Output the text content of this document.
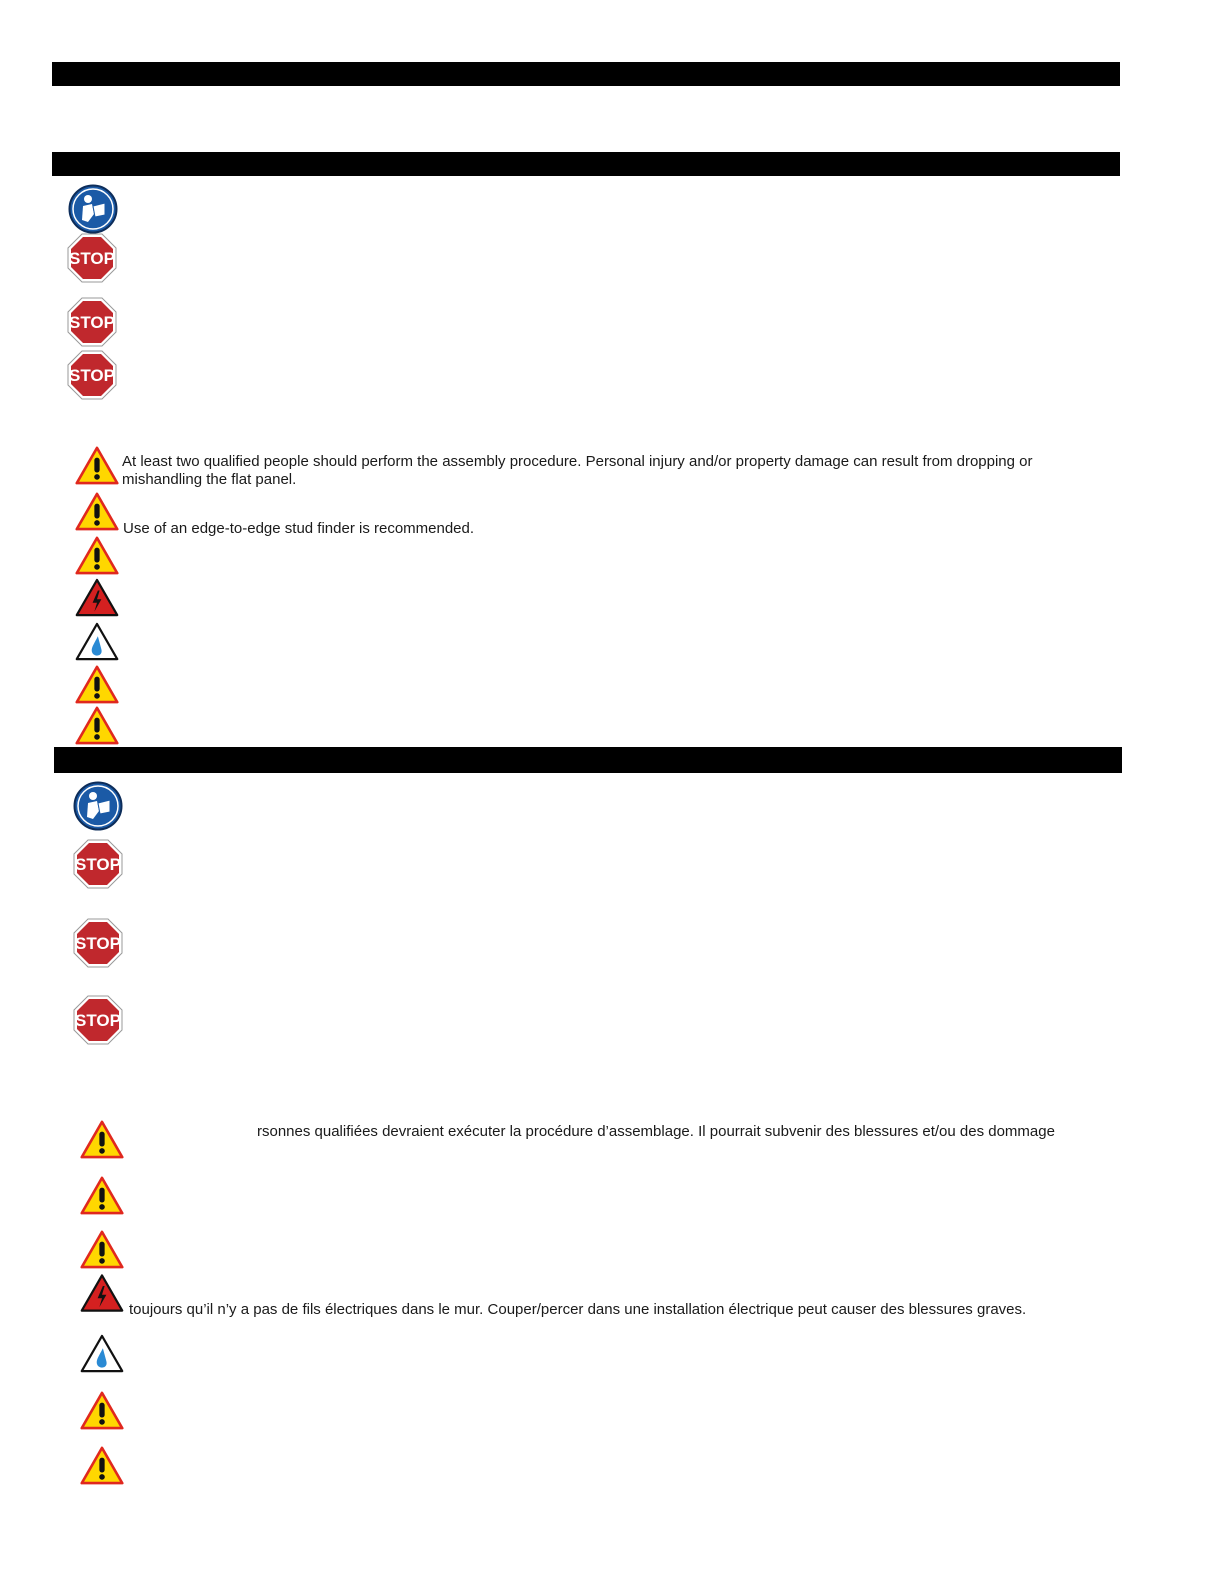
At least two qualified people should perform the assembly procedure. Personal injury and/or property damage can result from dropping or mishandling the flat panel.
Use of an edge-to-edge stud finder is recommended.
rsonnes qualifiées devraient exécuter la procédure d’assemblage. Il pourrait subvenir des blessures et/ou des dommage
toujours qu’il n’y a pas de fils électriques dans le mur. Couper/percer dans une installation électrique peut causer des blessures graves.
